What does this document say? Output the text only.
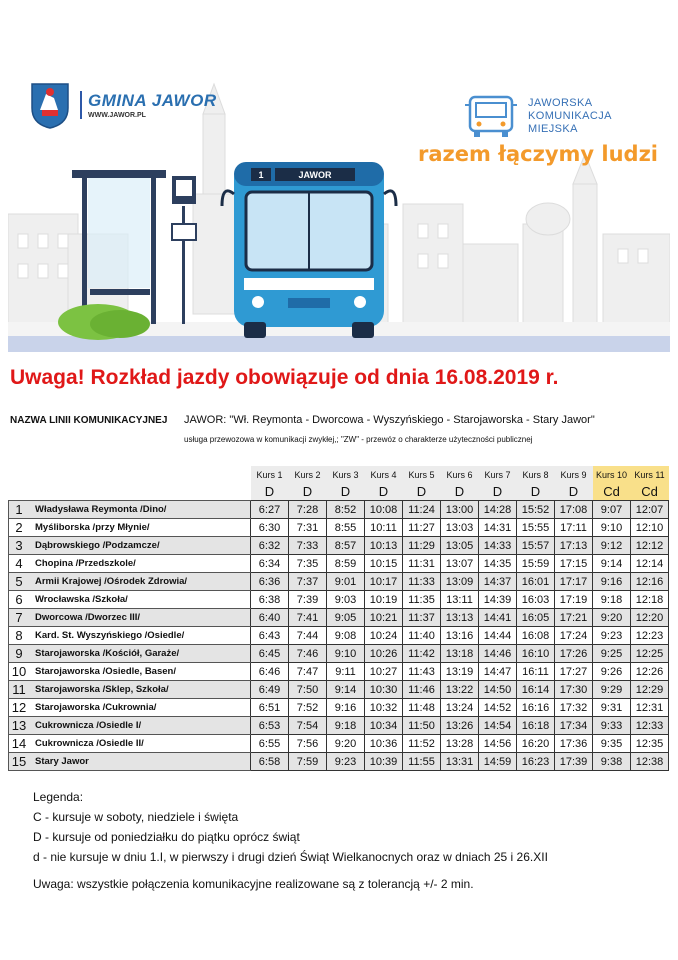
1	JAWOR
GMINA JAWOR
WWW.JAWOR.PL
JAWORSKA
KOMUNIKACJA
MIEJSKA
razem łączymy ludzi
Uwaga! Rozkład jazdy obowiązuje od dnia 16.08.2019 r.
NAZWA LINII KOMUNIKACYJNEJ JAWOR: "Wł. Reymonta - Dworcowa - Wyszyńskiego - Starojaworska - Stary Jawor"
usługa przewozowa w komunikacji zwykłej,; "ZW" - przewóz o charakterze użyteczności publicznej
		Kurs 1	Kurs 2	Kurs 3	Kurs 4	Kurs 5	Kurs 6	Kurs 7	Kurs 8	Kurs 9	Kurs 10	Kurs 11
		D	D	D	D	D	D	D	D	D	Cd	Cd
1	Władysława Reymonta /Dino/	6:27	7:28	8:52	10:08	11:24	13:00	14:28	15:52	17:08	9:07	12:07
2	Myśliborska /przy Młynie/	6:30	7:31	8:55	10:11	11:27	13:03	14:31	15:55	17:11	9:10	12:10
3	Dąbrowskiego /Podzamcze/	6:32	7:33	8:57	10:13	11:29	13:05	14:33	15:57	17:13	9:12	12:12
4	Chopina /Przedszkole/	6:34	7:35	8:59	10:15	11:31	13:07	14:35	15:59	17:15	9:14	12:14
5	Armii Krajowej /Ośrodek Zdrowia/	6:36	7:37	9:01	10:17	11:33	13:09	14:37	16:01	17:17	9:16	12:16
6	Wrocławska /Szkoła/	6:38	7:39	9:03	10:19	11:35	13:11	14:39	16:03	17:19	9:18	12:18
7	Dworcowa /Dworzec III/	6:40	7:41	9:05	10:21	11:37	13:13	14:41	16:05	17:21	9:20	12:20
8	Kard. St. Wyszyńskiego /Osiedle/	6:43	7:44	9:08	10:24	11:40	13:16	14:44	16:08	17:24	9:23	12:23
9	Starojaworska /Kościół, Garaże/	6:45	7:46	9:10	10:26	11:42	13:18	14:46	16:10	17:26	9:25	12:25
10	Starojaworska /Osiedle, Basen/	6:46	7:47	9:11	10:27	11:43	13:19	14:47	16:11	17:27	9:26	12:26
11	Starojaworska /Sklep, Szkoła/	6:49	7:50	9:14	10:30	11:46	13:22	14:50	16:14	17:30	9:29	12:29
12	Starojaworska /Cukrownia/	6:51	7:52	9:16	10:32	11:48	13:24	14:52	16:16	17:32	9:31	12:31
13	Cukrownicza /Osiedle I/	6:53	7:54	9:18	10:34	11:50	13:26	14:54	16:18	17:34	9:33	12:33
14	Cukrownicza /Osiedle II/	6:55	7:56	9:20	10:36	11:52	13:28	14:56	16:20	17:36	9:35	12:35
15	Stary Jawor	6:58	7:59	9:23	10:39	11:55	13:31	14:59	16:23	17:39	9:38	12:38
Legenda:
C - kursuje w soboty, niedziele i święta
D - kursuje od poniedziałku do piątku oprócz świąt
d - nie kursuje w dniu 1.I, w pierwszy i drugi dzień Świąt Wielkanocnych oraz w dniach 25 i 26.XII
Uwaga: wszystkie połączenia komunikacyjne realizowane są z tolerancją +/- 2 min.
